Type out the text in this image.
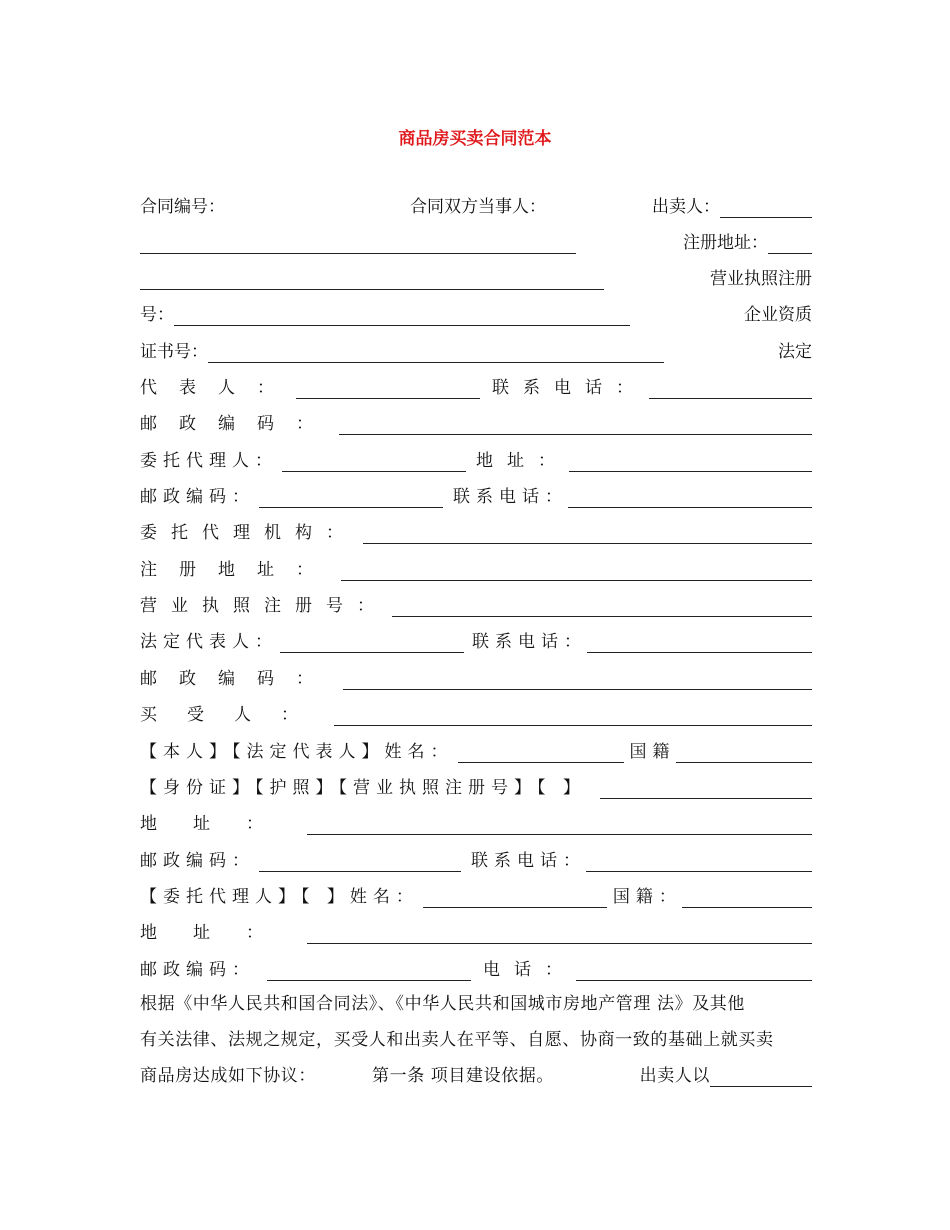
商品房买卖合同范本
合同编号：	合同双方当事人：	出卖人：
注册地址：
营业执照注册
号：	企业资质
证书号：	法定
代表人：	联系电话：
邮政编码：
委托代理人：	地址：
邮政编码：	联系电话：
委托代理机构：
注册地址：
营业执照注册号：
法定代表人：	联系电话：
邮政编码：
买受人：
【本人】【法定代表人】姓名：	国籍
【身份证】【护照】【营业执照注册号】【 】
地址：
邮政编码：	联系电话：
【委托代理人】【 】姓名：	国籍：
地址：
邮政编码：	电话：
根据《中华人民共和国合同法》、《中华人民共和国城市房地产管理 法》及其他
有关法律、法规之规定，买受人和出卖人在平等、自愿、协商一致的基础上就买卖
商品房达成如下协议：	第一条 项目建设依据。	出卖人以
